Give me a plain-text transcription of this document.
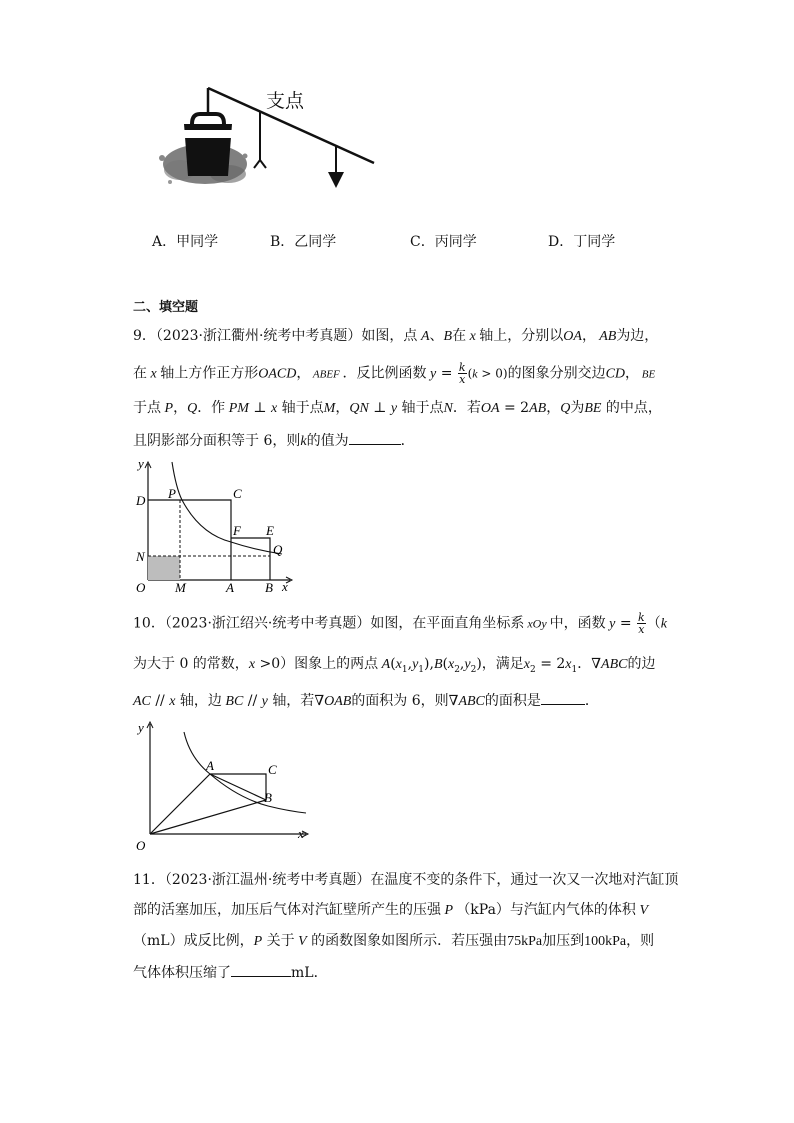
支点
A．甲同学	B．乙同学	C．丙同学	D．丁同学
二、填空题
9．（2023·浙江衢州·统考中考真题）如图，点 A、B在 x 轴上，分别以OA， AB为边，
在 x 轴上方作正方形OACD， ABEF ．反比例函数 $y = \frac{k}{x} (k > 0)$的图象分别交边CD， BE
于点 P，Q．作 PM ⊥ x 轴于点M，QN ⊥ y 轴于点N．若OA = 2AB，Q为BE 的中点，
且阴影部分面积等于 6，则k的值为	．
y
x
D P	C
F E
Q
N
O M	A B
10．（2023·浙江绍兴·统考中考真题）如图，在平面直角坐标系 xOy 中，函数 $y = \frac{k}{x} (k$
为大于 0 的常数，x >0）图象上的两点 $A(x_1,y_1),B(x_2,y_2)$，满足$x_2 = 2x_1$．∇ABC的边
AC // x 轴，边 BC // y 轴，若∇OAB的面积为 6，则∇ABC的面积是	．
y
x
O
A	C
B
11．（2023·浙江温州·统考中考真题）在温度不变的条件下，通过一次又一次地对汽缸顶
部的活塞加压，加压后气体对汽缸壁所产生的压强 P （kPa）与汽缸内气体的体积 V
（mL）成反比例，P 关于 V 的函数图象如图所示．若压强由75kPa加压到100kPa，则
气体体积压缩了	mL．
